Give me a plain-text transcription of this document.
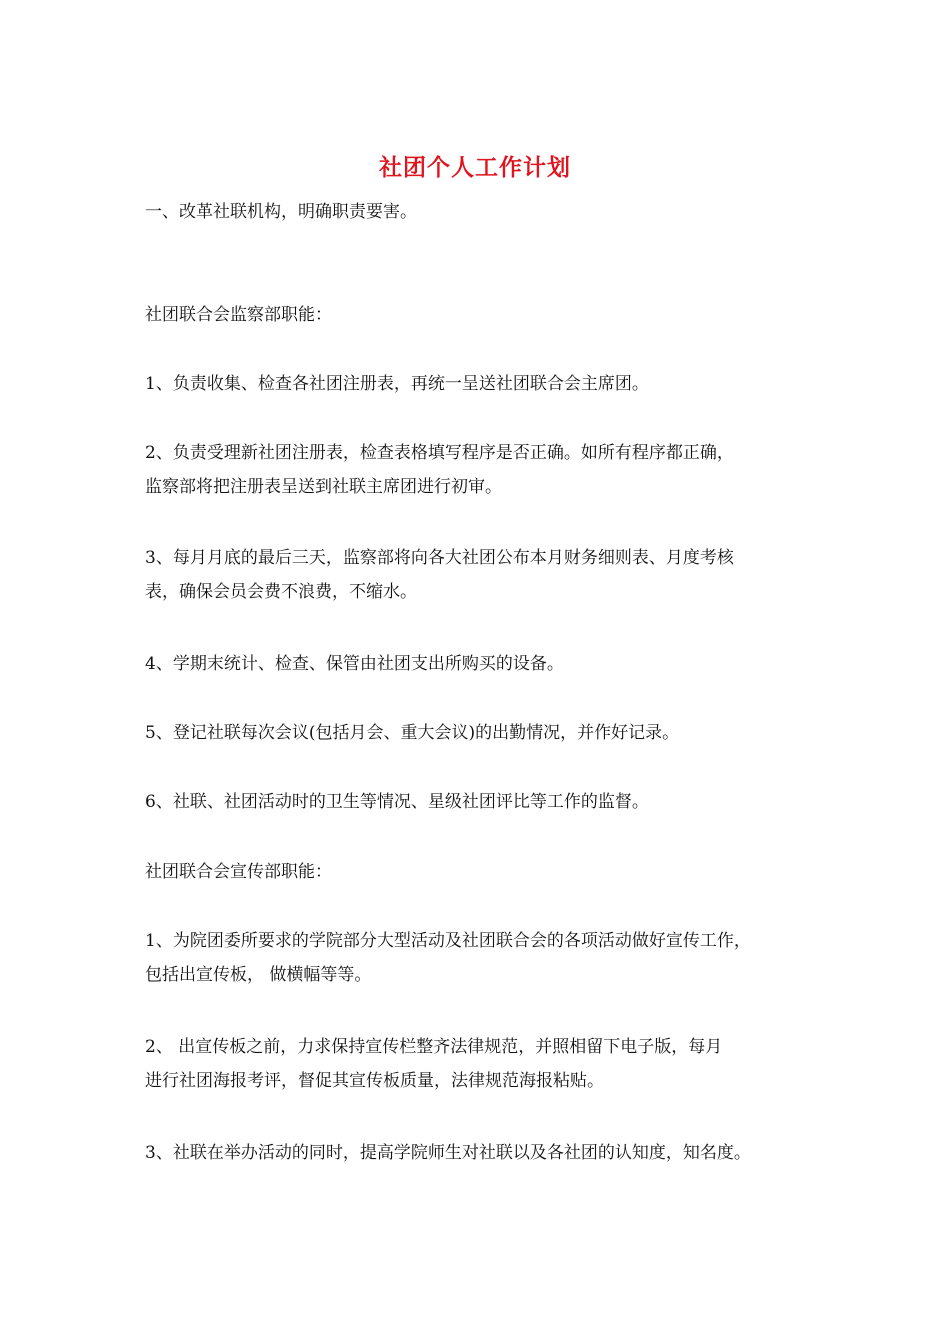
社团个人工作计划
一、改革社联机构，明确职责要害。
社团联合会监察部职能：
1、负责收集、检查各社团注册表，再统一呈送社团联合会主席团。
2、负责受理新社团注册表，检查表格填写程序是否正确。如所有程序都正确，
监察部将把注册表呈送到社联主席团进行初审。
3、每月月底的最后三天，监察部将向各大社团公布本月财务细则表、月度考核
表，确保会员会费不浪费，不缩水。
4、学期末统计、检查、保管由社团支出所购买的设备。
5、登记社联每次会议(包括月会、重大会议)的出勤情况，并作好记录。
6、社联、社团活动时的卫生等情况、星级社团评比等工作的监督。
社团联合会宣传部职能：
1、为院团委所要求的学院部分大型活动及社团联合会的各项活动做好宣传工作，
包括出宣传板， 做横幅等等。
2、 出宣传板之前，力求保持宣传栏整齐法律规范，并照相留下电子版，每月
进行社团海报考评，督促其宣传板质量，法律规范海报粘贴。
3、社联在举办活动的同时，提高学院师生对社联以及各社团的认知度，知名度。
